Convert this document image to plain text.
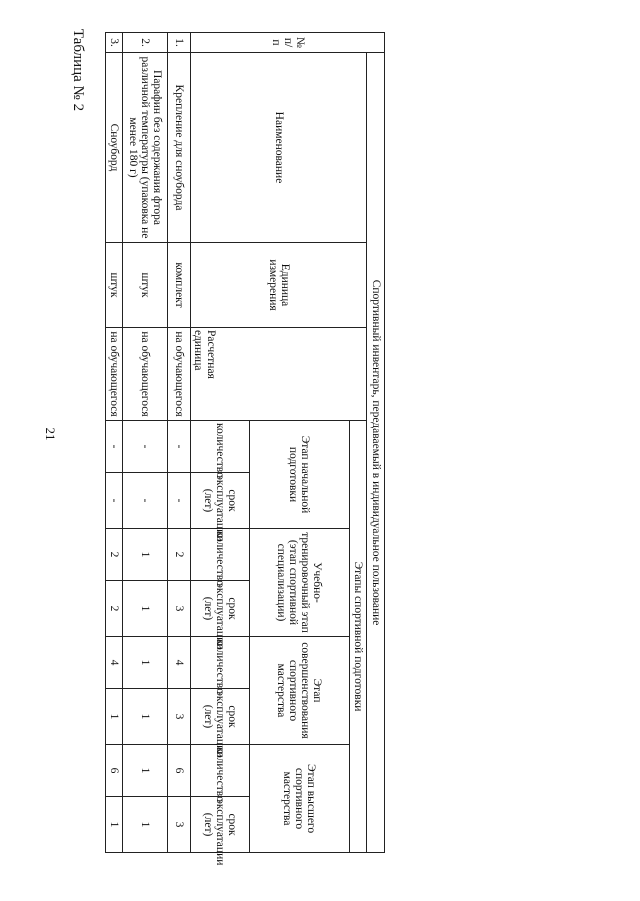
21
Таблица № 2	№ п/п	Спортивный инвентарь, передаваемый в индивидуальное пользование										
	Наименование	Единица измерения	Расчетная единица	Этапы спортивной подготовки							
				Этап начальной подготовки		Учебно-тренировочный этап (этап спортивной специализации)		Этап совершенствования спортивного мастерства		Этап высшего спортивного мастерства	
				количество	срок эксплуатации (лет)	количество	срок эксплуатации (лет)	количество	срок эксплуатации (лет)	количество	срок эксплуатации (лет)
1.	Крепление для сноуборда	комплект	на обучающегося	-	-	2	3	4	3	6	3
2.	Парафин без содержания фтора различной температуры (упаковка не менее 180 г)	штук	на обучающегося	-	-	1	1	1	1	1	1
3.	Сноуборд	штук	на обучающегося	-	-	2	2	4	1	6	1
